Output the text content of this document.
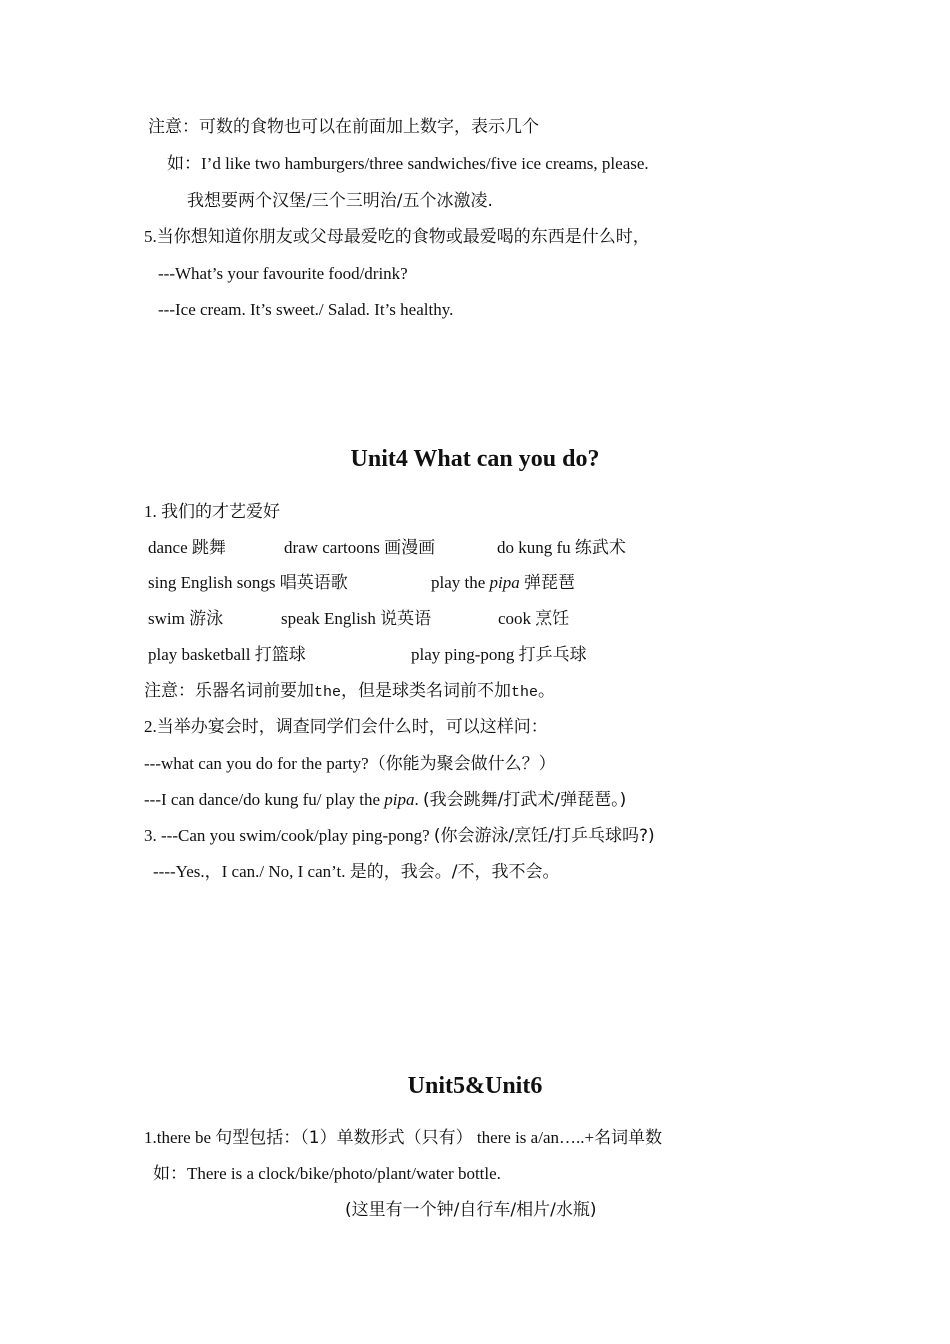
注意：可数的食物也可以在前面加上数字，表示几个
如：I’d like two hamburgers/three sandwiches/five ice creams, please.
我想要两个汉堡/三个三明治/五个冰激凌.
5.当你想知道你朋友或父母最爱吃的食物或最爱喝的东西是什么时，
---What’s your favourite food/drink?
---Ice cream. It’s sweet./ Salad. It’s healthy.
Unit4 What can you do?
1. 我们的才艺爱好
dance 跳舞	draw cartoons 画漫画	do kung fu 练武术
sing English songs 唱英语歌	play the pipa 弹琵琶
swim 游泳	speak English 说英语	cook 烹饪
play basketball 打篮球	play ping-pong 打乒乓球
注意：乐器名词前要加the，但是球类名词前不加the。
2.当举办宴会时，调查同学们会什么时，可以这样问：
---what can you do for the party?（你能为聚会做什么？）
---I can dance/do kung fu/ play the pipa. (我会跳舞/打武术/弹琵琶。)
3. ---Can you swim/cook/play ping-pong? (你会游泳/烹饪/打乒乓球吗?)
----Yes.，I can./ No, I can’t. 是的，我会。/不，我不会。
Unit5&Unit6
1.there be 句型包括：（1）单数形式（只有） there is a/an…..+名词单数
如：There is a clock/bike/photo/plant/water bottle.
(这里有一个钟/自行车/相片/水瓶)
